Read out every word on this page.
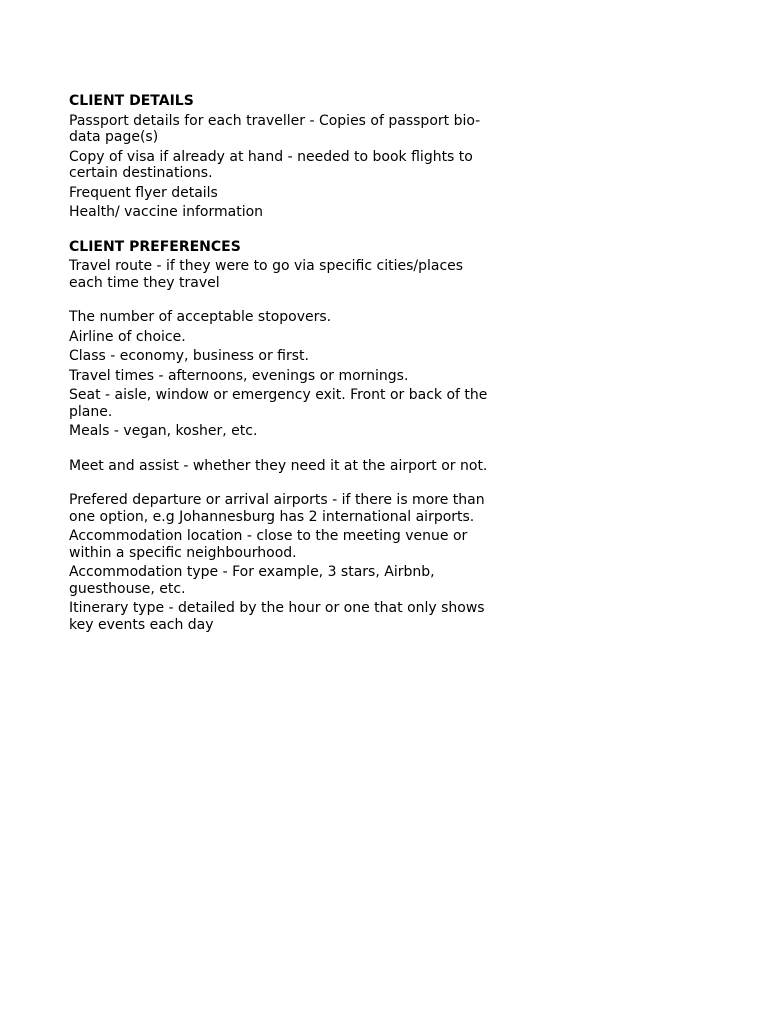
CLIENT DETAILS
Passport details for each traveller - Copies of passport bio-data page(s)
Copy of visa if already at hand - needed to book flights to certain destinations.
Frequent flyer details
Health/ vaccine information
CLIENT PREFERENCES
Travel route - if they were to go via specific cities/places each time they travel
The number of acceptable stopovers.
Airline of choice.
Class - economy, business or first.
Travel times - afternoons, evenings or mornings.
Seat - aisle, window or emergency exit. Front or back of the plane.
Meals - vegan, kosher, etc.
Meet and assist - whether they need it at the airport or not.
Prefered departure or arrival airports - if there is more than one option, e.g Johannesburg has 2 international airports.
Accommodation location - close to the meeting venue or within a specific neighbourhood.
Accommodation type - For example, 3 stars, Airbnb, guesthouse, etc.
Itinerary type - detailed by the hour or one that only shows key events each day
